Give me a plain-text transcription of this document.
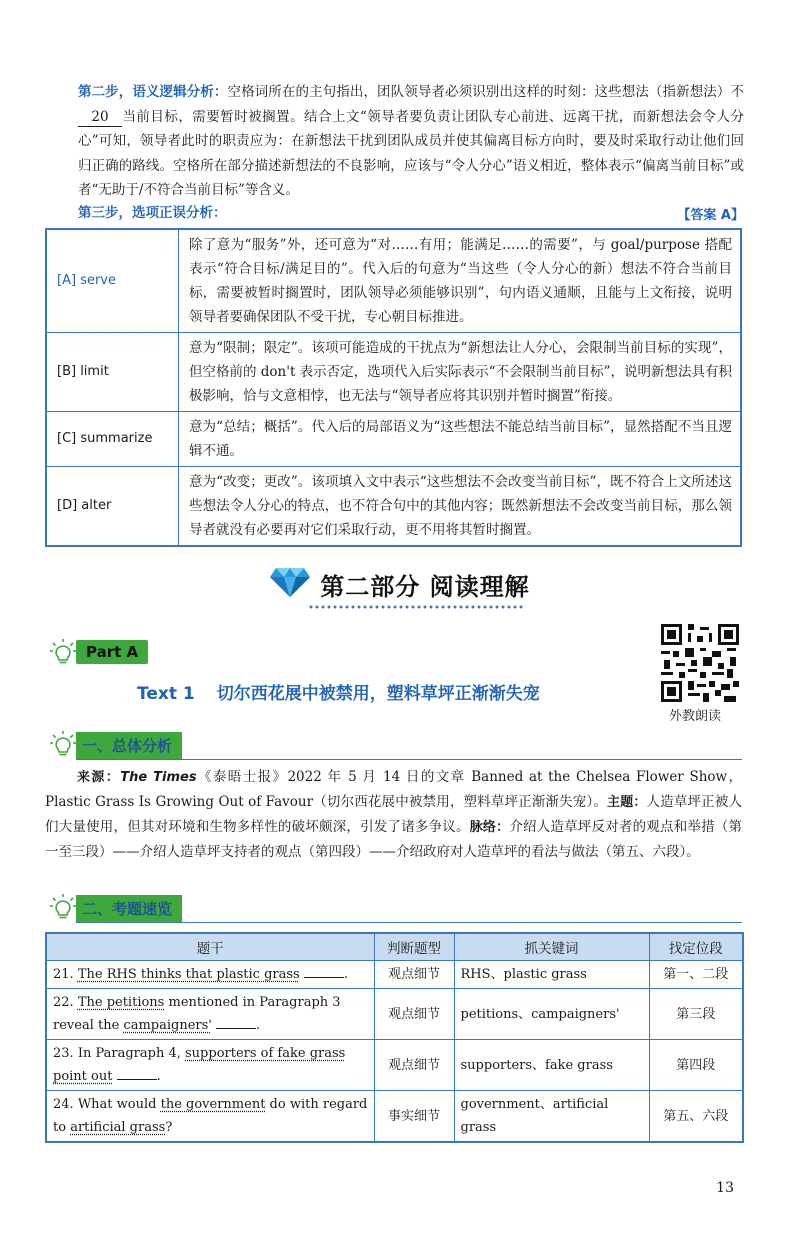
第二步，语义逻辑分析：空格词所在的主句指出，团队领导者必须识别出这样的时刻：这些想法（指新想法）不20 当前目标，需要暂时被搁置。结合上文“领导者要负责让团队专心前进、远离干扰，而新想法会令人分心”可知，领导者此时的职责应为：在新想法干扰到团队成员并使其偏离目标方向时，要及时采取行动让他们回归正确的路线。空格所在部分描述新想法的不良影响，应该与“令人分心”语义相近，整体表示“偏离当前目标”或者“无助于/不符合当前目标”等含义。
第三步，选项正误分析：	【答案 A】
[A] serve	除了意为“服务”外，还可意为“对……有用；能满足……的需要”，与 goal/purpose 搭配表示“符合目标/满足目的”。代入后的句意为“当这些（令人分心的新）想法不符合当前目标，需要被暂时搁置时，团队领导必须能够识别”，句内语义通顺，且能与上文衔接，说明领导者要确保团队不受干扰，专心朝目标推进。
[B] limit	意为“限制；限定”。该项可能造成的干扰点为“新想法让人分心，会限制当前目标的实现”，但空格前的 don't 表示否定，选项代入后实际表示“不会限制当前目标”，说明新想法具有积极影响，恰与文意相悖，也无法与“领导者应将其识别并暂时搁置”衔接。
[C] summarize	意为“总结；概括”。代入后的局部语义为“这些想法不能总结当前目标”，显然搭配不当且逻辑不通。
[D] alter	意为“改变；更改”。该项填入文中表示“这些想法不会改变当前目标”，既不符合上文所述这些想法令人分心的特点，也不符合句中的其他内容；既然新想法不会改变当前目标，那么领导者就没有必要再对它们采取行动，更不用将其暂时搁置。
第二部分 阅读理解
Part A
Text 1 切尔西花展中被禁用，塑料草坪正渐渐失宠
外教朗读
一、总体分析
来源：The Times《泰晤士报》2022 年 5 月 14 日的文章 Banned at the Chelsea Flower Show，Plastic Grass Is Growing Out of Favour（切尔西花展中被禁用，塑料草坪正渐渐失宠）。主题：人造草坪正被人们大量使用，但其对环境和生物多样性的破坏颇深，引发了诸多争议。脉络：介绍人造草坪反对者的观点和举措（第一至三段）——介绍人造草坪支持者的观点（第四段）——介绍政府对人造草坪的看法与做法（第五、六段）。
二、考题速览
题干	判断题型	抓关键词	找定位段
21. The RHS thinks that plastic grass .	观点细节	RHS、plastic grass	第一、二段
22. The petitions mentioned in Paragraph 3 reveal the campaigners' .	观点细节	petitions、campaigners'	第三段
23. In Paragraph 4, supporters of fake grass point out .	观点细节	supporters、fake grass	第四段
24. What would the government do with regard to artificial grass?	事实细节	government、artificial grass	第五、六段
13
